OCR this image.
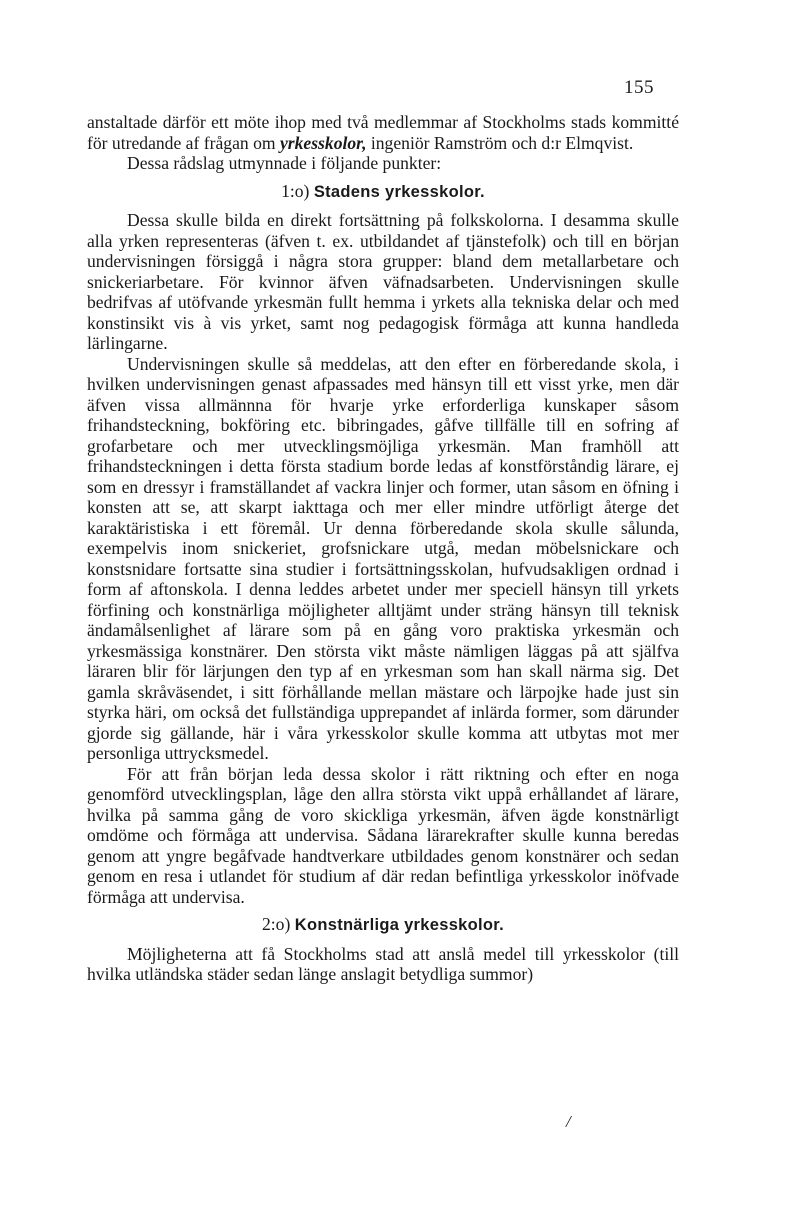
155

anstaltade därför ett möte ihop med två medlemmar af Stockholms stads kommitté för utredande af frågan om yrkesskolor, ingeniör Ramström och d:r Elmqvist.

Dessa rådslag utmynnade i följande punkter:

1:o) Stadens yrkesskolor.

Dessa skulle bilda en direkt fortsättning på folkskolorna. I desamma skulle alla yrken representeras (äfven t. ex. utbildandet af tjänstefolk) och till en början undervisningen försiggå i några stora grupper: bland dem metallarbetare och snickeriarbetare. För kvinnor äfven väfnadsarbeten. Undervisningen skulle bedrifvas af utöfvande yrkesmän fullt hemma i yrkets alla tekniska delar och med konstinsikt vis à vis yrket, samt nog pedagogisk förmåga att kunna handleda lärlingarne.

Undervisningen skulle så meddelas, att den efter en förberedande skola, i hvilken undervisningen genast afpassades med hänsyn till ett visst yrke, men där äfven vissa allmännna för hvarje yrke erforderliga kunskaper såsom frihandsteckning, bokföring etc. bibringades, gåfve tillfälle till en sofring af grofarbetare och mer utvecklingsmöjliga yrkesmän. Man framhöll att frihandsteckningen i detta första stadium borde ledas af konstförståndig lärare, ej som en dressyr i framställandet af vackra linjer och former, utan såsom en öfning i konsten att se, att skarpt iakttaga och mer eller mindre utförligt återge det karaktäristiska i ett föremål. Ur denna förberedande skola skulle sålunda, exempelvis inom snickeriet, grofsnickare utgå, medan möbelsnickare och konstsnidare fortsatte sina studier i fortsättningsskolan, hufvudsakligen ordnad i form af aftonskola. I denna leddes arbetet under mer speciell hänsyn till yrkets förfining och konstnärliga möjligheter alltjämt under sträng hänsyn till teknisk ändamålsenlighet af lärare som på en gång voro praktiska yrkesmän och yrkesmässiga konstnärer. Den största vikt måste nämligen läggas på att själfva läraren blir för lärjungen den typ af en yrkesman som han skall närma sig. Det gamla skråväsendet, i sitt förhållande mellan mästare och lärpojke hade just sin styrka häri, om också det fullständiga upprepandet af inlärda former, som därunder gjorde sig gällande, här i våra yrkesskolor skulle komma att utbytas mot mer personliga uttrycksmedel.

För att från början leda dessa skolor i rätt riktning och efter en noga genomförd utvecklingsplan, låge den allra största vikt uppå erhållandet af lärare, hvilka på samma gång de voro skickliga yrkesmän, äfven ägde konstnärligt omdöme och förmåga att undervisa. Sådana lärarekrafter skulle kunna beredas genom att yngre begåfvade handtverkare utbildades genom konstnärer och sedan genom en resa i utlandet för studium af där redan befintliga yrkesskolor inöfvade förmåga att undervisa.

2:o) Konstnärliga yrkesskolor.

Möjligheterna att få Stockholms stad att anslå medel till yrkesskolor (till hvilka utländska städer sedan länge anslagit betydliga summor)

/
